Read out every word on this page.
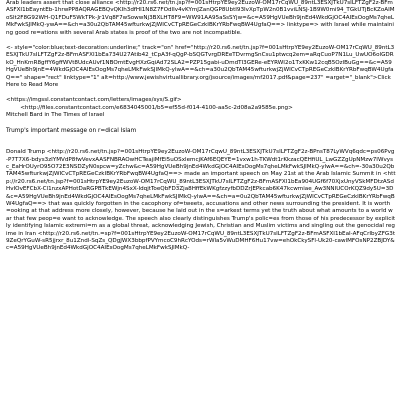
Arab leaders assert that close alliance <http://r20.rs6.net/tn.jsp?f=001sHtrpYE9ey2EuzoW-OM17rCqWU_89ntL3ESXJTkU7sILFTZgF2z-BFmASFXI1bEayntEb-1hrwPP8AQRAGEBQvQKIh3dfHI1N8Z7FOdlIv4vKYmJZanQGP8UbtI93IvXpTpW2n0B1vviLNSJ-1B9W0mi94_TGkUTjBcKZoAIMoSlt2F8G92WH-Q1FDuF5WkTPk-Jr1Vq8F7wSowwNj3BXLHT8F9=WW91AA95aSsSYjw=&c=A59HgVUeBh9jnEd4WkdGjOC4AIEsOogMs7qheLMkFwkSJlMkQ-ywA==&ch=a30u2QbTAM45wfturkwjZjWICvCTpREGeCzkIBKrYRbFwqBW4UgfaQ==> linktype=> with Israel while maintaining good re=ations with several Arab states is proof of the two are not incompatible.
<- style="color:blue;text-decoration:underline;" track="on" href="http://r20.rs6.net/tn.jsp?f=001sHtrpYE9ey2EuzoW-OM17rCqWU_89ntL3ESXJTkU7sILFTZgF2z-BFmASFXI1bEa734U27Atib42_tCpA3f-qQgP-bSQGTvrgDREeTDvrmgSnCsu1ptwcq2em=aRqCuoP7N1Lu_UwUO6olGDRkO_HnKrnR8gffY6gffWVt8UdcAUvf1NBOmtEvgHXzGqiAd72SLA2=PZP15gabi-uDmdTI3GERe-eEYRWI2o1TxKKw12cqB5OzlBuGg==&c=A59HgVUeBh9jnE=4WkdGjOC4AIEsOogMs7qheLMkFwkSJlMkQ-ylwA==&ch=a30u2QbTAM45wfturkwjZjWICvCTpREGeCzkIBKrYRbFwqBW4UgfaQ==" shape="rect" linktype="1" alt=http://www.jewishvirtuallibrary.org/jsource/images/mf2017.pdf&page=237" =arget="_blank">Click Here to Read More
<https://imgssl.constantcontact.com/letters/images/sys/S.gif>
<http://files.constantcontact.com/e6834045001/b5=ef55d-f014-4100-aa5c-2d08a2a9585e.png>
Mitchell Bard in The Times of Israel
Trump's important message on r=dical Islam
Donald Trump <http://r20.rs6.net/tn.jsp?=001sHtrpYE9ey2EuzoW-OM17rCqwU_89ntL3ESXJTkU7sILFTZgF2z-BPnsT87LyWVq6qdc=ps06Pvg-P7T7X6-bdys3zIYMVdP8fwVevxAASFNBRAOwHCTeajiMfEi5uOSxlemcjKAf6EQEYE=1vxw1h-TKWdt1rKkzacQEHfiUL_LwGZZgUpNMzw7IWvysc_EaHrOUyrO95O72E3NSDZyN0spcw=yZchw&c=A59HgVUeBh9jnEd4WkdGjOC4AIEsOogMs7qheLMkFwkSJlMkQ-ylwA==&ch=-30a30u2QbTAM45wfturkwjZjWICvCTpREGeCzkIBKrYRbFwqBW4UgfaQ==> made an important speech on May 21st at the Arab Islamic Summit in <http://r20.rs6.net/tn.jsp?f=001sHtrpYE9ey2EuzoW-OM17rCqWU_89ntL3ESXJTkU7sILFTZgF2z-BFmASFXI1bEa904UGf6f70XjxUnyVSkMFDtzASdHvIOvEFCbX-Cl1nzxAPHotDaRGPBTkEWjn4SxX-IdqjtToeQbFD3Zja8HffEkWKgfzzyfbDDZrJEPkcab6K47kcwmiae_Aw3NNIUCOrKQZ9dy5U=3D&c=A59HgVUeBh9jnEd4WkdGjOC4AIEsOogMs7qheLMkFwkSJlMkQ-ylwA==&ch=a=0u2QbTAM45wfturkwjZjWICvCTpREGeCzkIBKrYRbFwqBW4UgfaQ==> that was quickly forgotten in the cacophony of=tweets, accusations and other news surrounding the president. It is worth =ooking at that address more closely, however, because he laid out in the s=arkest terms yet the truth about what amounts to a world war that few peop=e want to acknowledge. The speech also clearly distinguishes Trump's polic=es from those of his predecessor by explicitly identifying Islamic extremi=m as a global threat, acknowledging Jewish, Christian and Muslim victims and singling out the genocidal regime in Iran <http://r20.rs6.net/tn.=sp?f=001sHtrpYE9ey2EuzoW-OM17rCqWU_89ntL3ESXJTkU7sILFTZgF2z-BFmASFXI1bEaI-AFqCrIbyZFG3t9ZeQrYGuW-sR5jjrxr_8u1Zndl-SqZs_QDgJWX3bbpfPVYmcoC9hRcYOds=rWla5vWuDMHF6Hu17vw=ehOkCkySFl-Uk20-cawlMFOsNP2ZBJDY&c=A59HgVUeBh9jnEd4WkdGjOC4AIEsOogMs7qheLMkFwkSJlMkQ-
